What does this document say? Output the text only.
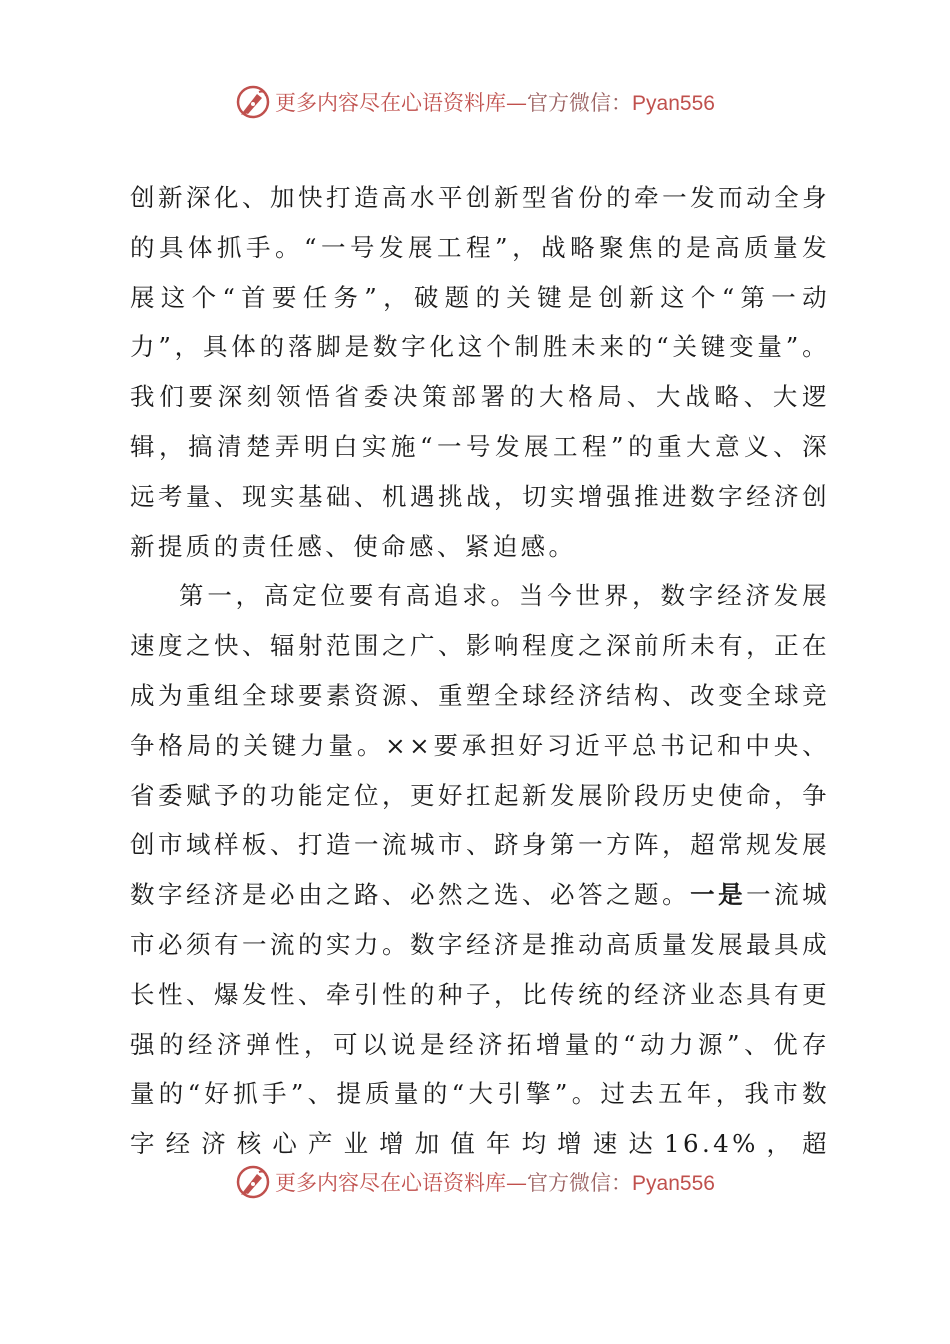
更多内容尽在心语资料库—官方微信：Pyan556

创新深化、加快打造高水平创新型省份的牵一发而动全身的具体抓手。“一号发展工程”，战略聚焦的是高质量发展这个“首要任务”，破题的关键是创新这个“第一动力”，具体的落脚是数字化这个制胜未来的“关键变量”。我们要深刻领悟省委决策部署的大格局、大战略、大逻辑，搞清楚弄明白实施“一号发展工程”的重大意义、深远考量、现实基础、机遇挑战，切实增强推进数字经济创新提质的责任感、使命感、紧迫感。

第一，高定位要有高追求。当今世界，数字经济发展速度之快、辐射范围之广、影响程度之深前所未有，正在成为重组全球要素资源、重塑全球经济结构、改变全球竞争格局的关键力量。××要承担好习近平总书记和中央、省委赋予的功能定位，更好扛起新发展阶段历史使命，争创市域样板、打造一流城市、跻身第一方阵，超常规发展数字经济是必由之路、必然之选、必答之题。一是一流城市必须有一流的实力。数字经济是推动高质量发展最具成长性、爆发性、牵引性的种子，比传统的经济业态具有更强的经济弹性，可以说是经济拓增量的“动力源”、优存量的“好抓手”、提质量的“大引擎”。过去五年，我市数字经济核心产业增加值年均增速达16.4%，超

更多内容尽在心语资料库—官方微信：Pyan556
